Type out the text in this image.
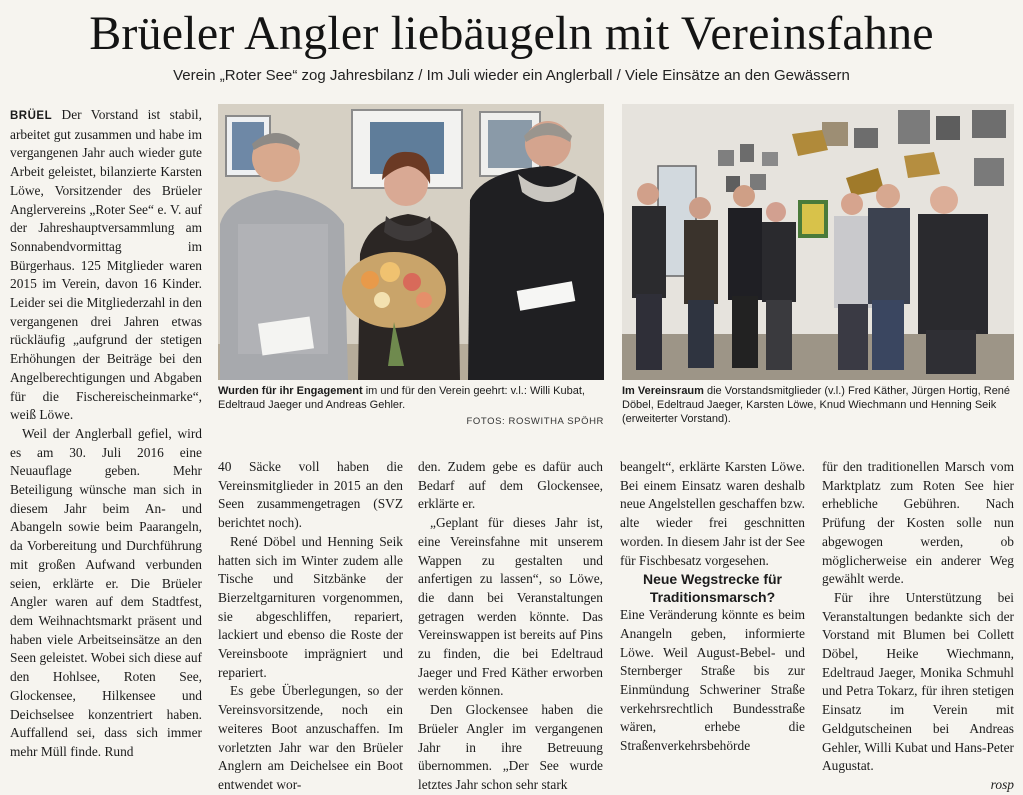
Brüeler Angler liebäugeln mit Vereinsfahne
Verein „Roter See“ zog Jahresbilanz / Im Juli wieder ein Anglerball / Viele Einsätze an den Gewässern

BRÜEL Der Vorstand ist stabil, arbeitet gut zusammen und habe im vergangenen Jahr auch wieder gute Arbeit geleistet, bilanzierte Karsten Löwe, Vorsitzender des Brüeler Anglervereins „Roter See“ e. V. auf der Jahreshauptversammlung am Sonnabendvormittag im Bürgerhaus. 125 Mitglieder waren 2015 im Verein, davon 16 Kinder. Leider sei die Mitgliederzahl in den vergangenen drei Jahren etwas rückläufig „aufgrund der stetigen Erhöhungen der Beiträge bei den Angelberechtigungen und Abgaben für die Fischereischeinmarke“, weiß Löwe.

Weil der Anglerball gefiel, wird es am 30. Juli 2016 eine Neuauflage geben. Mehr Beteiligung wünsche man sich in diesem Jahr beim An- und Abangeln sowie beim Paarangeln, da Vorbereitung und Durchführung mit großen Aufwand verbunden seien, erklärte er. Die Brüeler Angler waren auf dem Stadtfest, dem Weihnachtsmarkt präsent und haben viele Arbeitseinsätze an den Seen geleistet. Wobei sich diese auf den Hohlsee, Roten See, Glockensee, Hilkensee und Deichselsee konzentriert haben. Auffallend sei, dass sich immer mehr Müll finde. Rund

Wurden für ihr Engagement im und für den Verein geehrt: v.l.: Willi Kubat, Edeltraud Jaeger und Andreas Gehler.
FOTOS: ROSWITHA SPÖHR
Im Vereinsraum die Vorstandsmitglieder (v.l.) Fred Käther, Jürgen Hortig, René Döbel, Edeltraud Jaeger, Karsten Löwe, Knud Wiechmann und Henning Seik (erweiterter Vorstand).

40 Säcke voll haben die Vereinsmitglieder in 2015 an den Seen zusammengetragen (SVZ berichtet noch).

René Döbel und Henning Seik hatten sich im Winter zudem alle Tische und Sitzbänke der Bierzeltgarnituren vorgenommen, sie abgeschliffen, repariert, lackiert und ebenso die Roste der Vereinsboote imprägniert und repariert.

Es gebe Überlegungen, so der Vereinsvorsitzende, noch ein weiteres Boot anzuschaffen. Im vorletzten Jahr war den Brüeler Anglern am Deichelsee ein Boot entwendet wor-

den. Zudem gebe es dafür auch Bedarf auf dem Glockensee, erklärte er.

„Geplant für dieses Jahr ist, eine Vereinsfahne mit unserem Wappen zu gestalten und anfertigen zu lassen“, so Löwe, die dann bei Veranstaltungen getragen werden könnte. Das Vereinswappen ist bereits auf Pins zu finden, die bei Edeltraud Jaeger und Fred Käther erworben werden können.

Den Glockensee haben die Brüeler Angler im vergangenen Jahr in ihre Betreuung übernommen. „Der See wurde letztes Jahr schon sehr stark

beangelt“, erklärte Karsten Löwe. Bei einem Einsatz waren deshalb neue Angelstellen geschaffen bzw. alte wieder frei geschnitten worden. In diesem Jahr ist der See für Fischbesatz vorgesehen.

Neue Wegstrecke für Traditionsmarsch?

Eine Veränderung könnte es beim Anangeln geben, informierte Löwe. Weil August-Bebel- und Sternberger Straße bis zur Einmündung Schweriner Straße verkehrsrechtlich Bundesstraße wären, erhebe die Straßenverkehrsbehörde

für den traditionellen Marsch vom Marktplatz zum Roten See hier erhebliche Gebühren. Nach Prüfung der Kosten solle nun abgewogen werden, ob möglicherweise ein anderer Weg gewählt werde.

Für ihre Unterstützung bei Veranstaltungen bedankte sich der Vorstand mit Blumen bei Collett Döbel, Heike Wiechmann, Edeltraud Jaeger, Monika Schmuhl und Petra Tokarz, für ihren stetigen Einsatz im Verein mit Geldgutscheinen bei Andreas Gehler, Willi Kubat und Hans-Peter Augustat.

rosp
